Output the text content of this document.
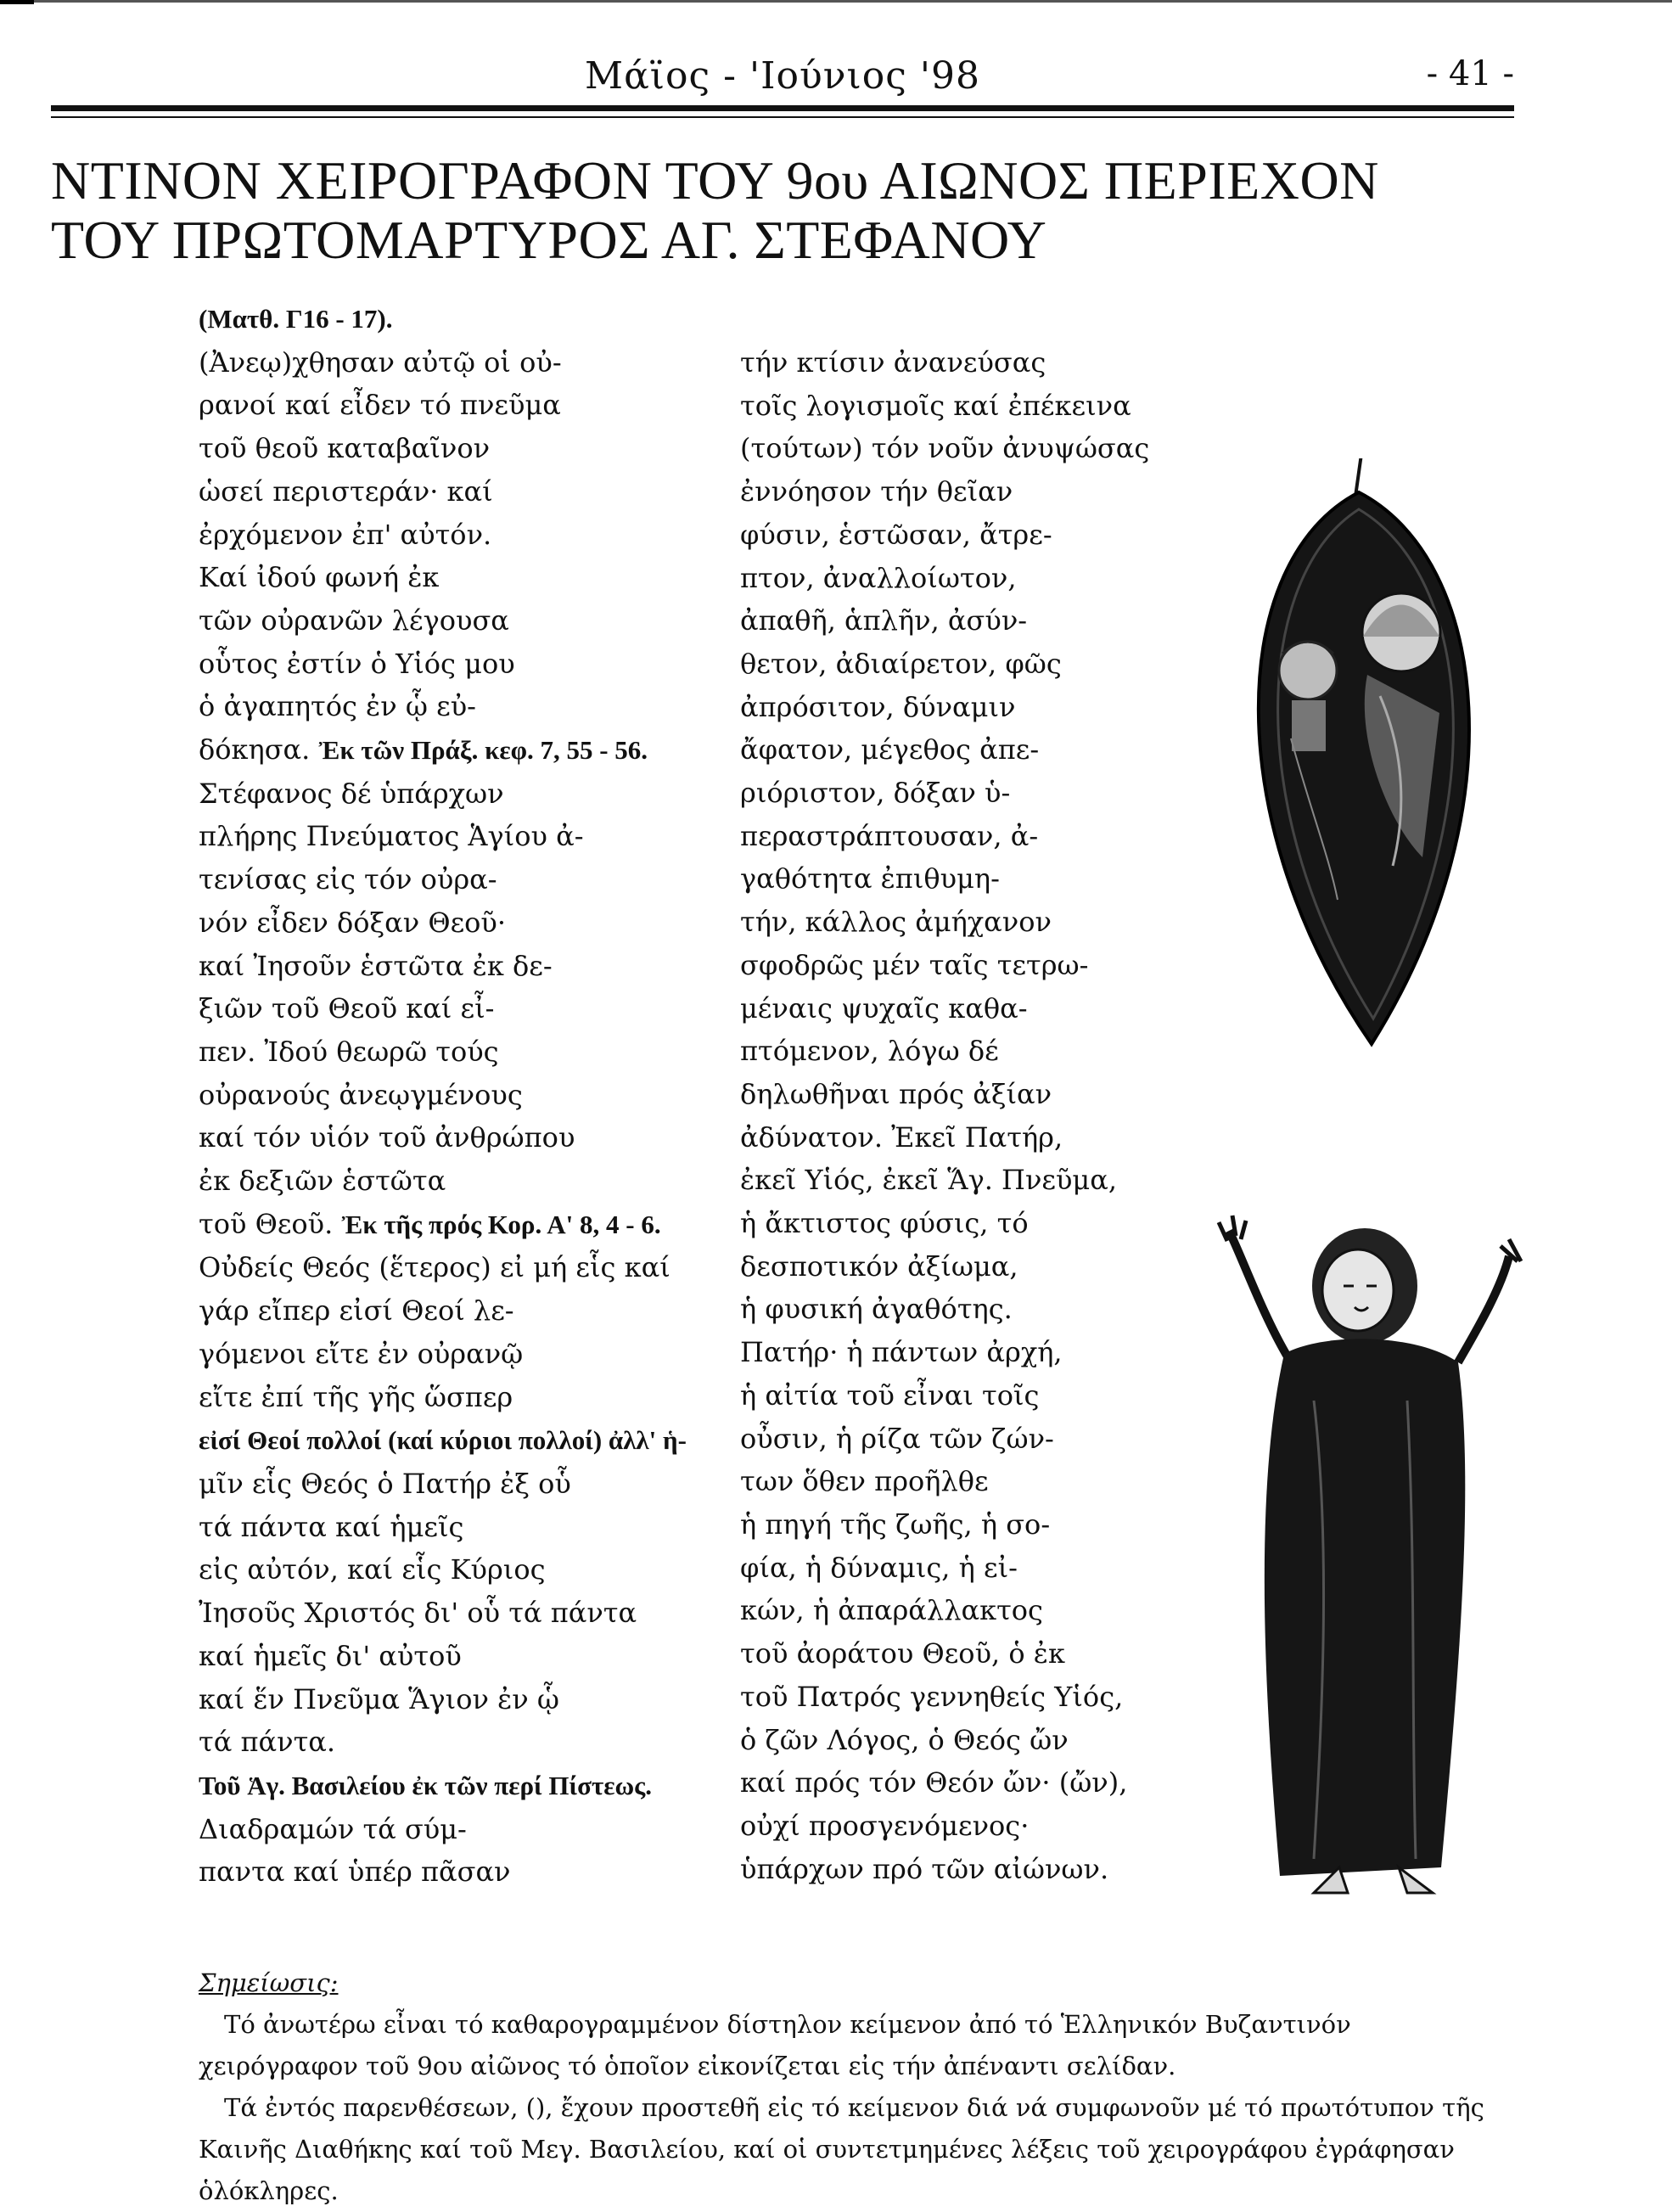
Μάϊος - 'Ιούνιος '98	- 41 -
ΝΤΙΝΟΝ ΧΕΙΡΟΓΡΑΦΟΝ ΤΟΥ 9ου ΑΙΩΝΟΣ ΠΕΡΙΕΧΟΝ
ΤΟΥ ΠΡΩΤΟΜΑΡΤΥΡΟΣ ΑΓ. ΣΤΕΦΑΝΟΥ
(Ματθ. Γ16 - 17).
(Ἀνεῳ)χθησαν αὐτῷ οἱ οὐ-
ρανοί καί εἶδεν τό πνεῦμα
τοῦ θεοῦ καταβαῖνον
ὡσεί περιστεράν· καί
ἐρχόμενον ἐπ' αὐτόν.
Καί ἰδού φωνή ἐκ
τῶν οὐρανῶν λέγουσα
οὗτος ἐστίν ὁ Υἱός μου
ὁ ἀγαπητός ἐν ᾧ εὐ-
δόκησα. Ἐκ τῶν Πράξ. κεφ. 7, 55 - 56.
Στέφανος δέ ὑπάρχων
πλήρης Πνεύματος Ἁγίου ἀ-
τενίσας εἰς τόν οὐρα-
νόν εἶδεν δόξαν Θεοῦ·
καί Ἰησοῦν ἑστῶτα ἐκ δε-
ξιῶν τοῦ Θεοῦ καί εἶ-
πεν. Ἰδού θεωρῶ τούς
οὐρανούς ἀνεῳγμένους
καί τόν υἱόν τοῦ ἀνθρώπου
ἐκ δεξιῶν ἑστῶτα
τοῦ Θεοῦ. Ἐκ τῆς πρός Κορ. Α' 8, 4 - 6.
Οὐδείς Θεός (ἕτερος) εἰ μή εἷς καί
γάρ εἴπερ εἰσί Θεοί λε-
γόμενοι εἴτε ἐν οὐρανῷ
εἴτε ἐπί τῆς γῆς ὥσπερ
εἰσί Θεοί πολλοί (καί κύριοι πολλοί) ἀλλ' ἡ-
μῖν εἷς Θεός ὁ Πατήρ ἐξ οὗ
τά πάντα καί ἡμεῖς
εἰς αὐτόν, καί εἷς Κύριος
Ἰησοῦς Χριστός δι' οὗ τά πάντα
καί ἡμεῖς δι' αὐτοῦ
καί ἕν Πνεῦμα Ἅγιον ἐν ᾧ
τά πάντα.
Τοῦ Ἁγ. Βασιλείου ἐκ τῶν περί Πίστεως.
Διαδραμών τά σύμ-
παντα καί ὑπέρ πᾶσαν
τήν κτίσιν ἀνανεύσας
τοῖς λογισμοῖς καί ἐπέκεινα
(τούτων) τόν νοῦν ἀνυψώσας
ἐννόησον τήν θεῖαν
φύσιν, ἑστῶσαν, ἄτρε-
πτον, ἀναλλοίωτον,
ἀπαθῆ, ἁπλῆν, ἀσύν-
θετον, ἀδιαίρετον, φῶς
ἀπρόσιτον, δύναμιν
ἄφατον, μέγεθος ἀπε-
ριόριστον, δόξαν ὑ-
περαστράπτουσαν, ἀ-
γαθότητα ἐπιθυμη-
τήν, κάλλος ἀμήχανον
σφοδρῶς μέν ταῖς τετρω-
μέναις ψυχαῖς καθα-
πτόμενον, λόγω δέ
δηλωθῆναι πρός ἀξίαν
ἀδύνατον. Ἐκεῖ Πατήρ,
ἐκεῖ Υἱός, ἐκεῖ Ἅγ. Πνεῦμα,
ἡ ἄκτιστος φύσις, τό
δεσποτικόν ἀξίωμα,
ἡ φυσική ἀγαθότης.
Πατήρ· ἡ πάντων ἀρχή,
ἡ αἰτία τοῦ εἶναι τοῖς
οὖσιν, ἡ ρίζα τῶν ζών-
των ὅθεν προῆλθε
ἡ πηγή τῆς ζωῆς, ἡ σο-
φία, ἡ δύναμις, ἡ εἰ-
κών, ἡ ἀπαράλλακτος
τοῦ ἀοράτου Θεοῦ, ὁ ἐκ
τοῦ Πατρός γεννηθείς Υἱός,
ὁ ζῶν Λόγος, ὁ Θεός ὤν
καί πρός τόν Θεόν ὤν· (ὤν),
οὐχί προσγενόμενος·
ὑπάρχων πρό τῶν αἰώνων.
Σημείωσις:

Τό ἀνωτέρω εἶναι τό καθαρογραμμένον δίστηλον κείμενον ἀπό τό Ἑλληνικόν Βυζαντινόν χειρόγραφον τοῦ 9ου αἰῶνος τό ὁποῖον εἰκονίζεται εἰς τήν ἀπέναντι σελίδαν.

Τά ἐντός παρενθέσεων, (), ἔχουν προστεθῆ εἰς τό κείμενον διά νά συμφωνοῦν μέ τό πρωτότυπον τῆς Καινῆς Διαθήκης καί τοῦ Μεγ. Βασιλείου, καί οἱ συντετμημένες λέξεις τοῦ χειρογράφου ἐγράφησαν ὁλόκληρες.
